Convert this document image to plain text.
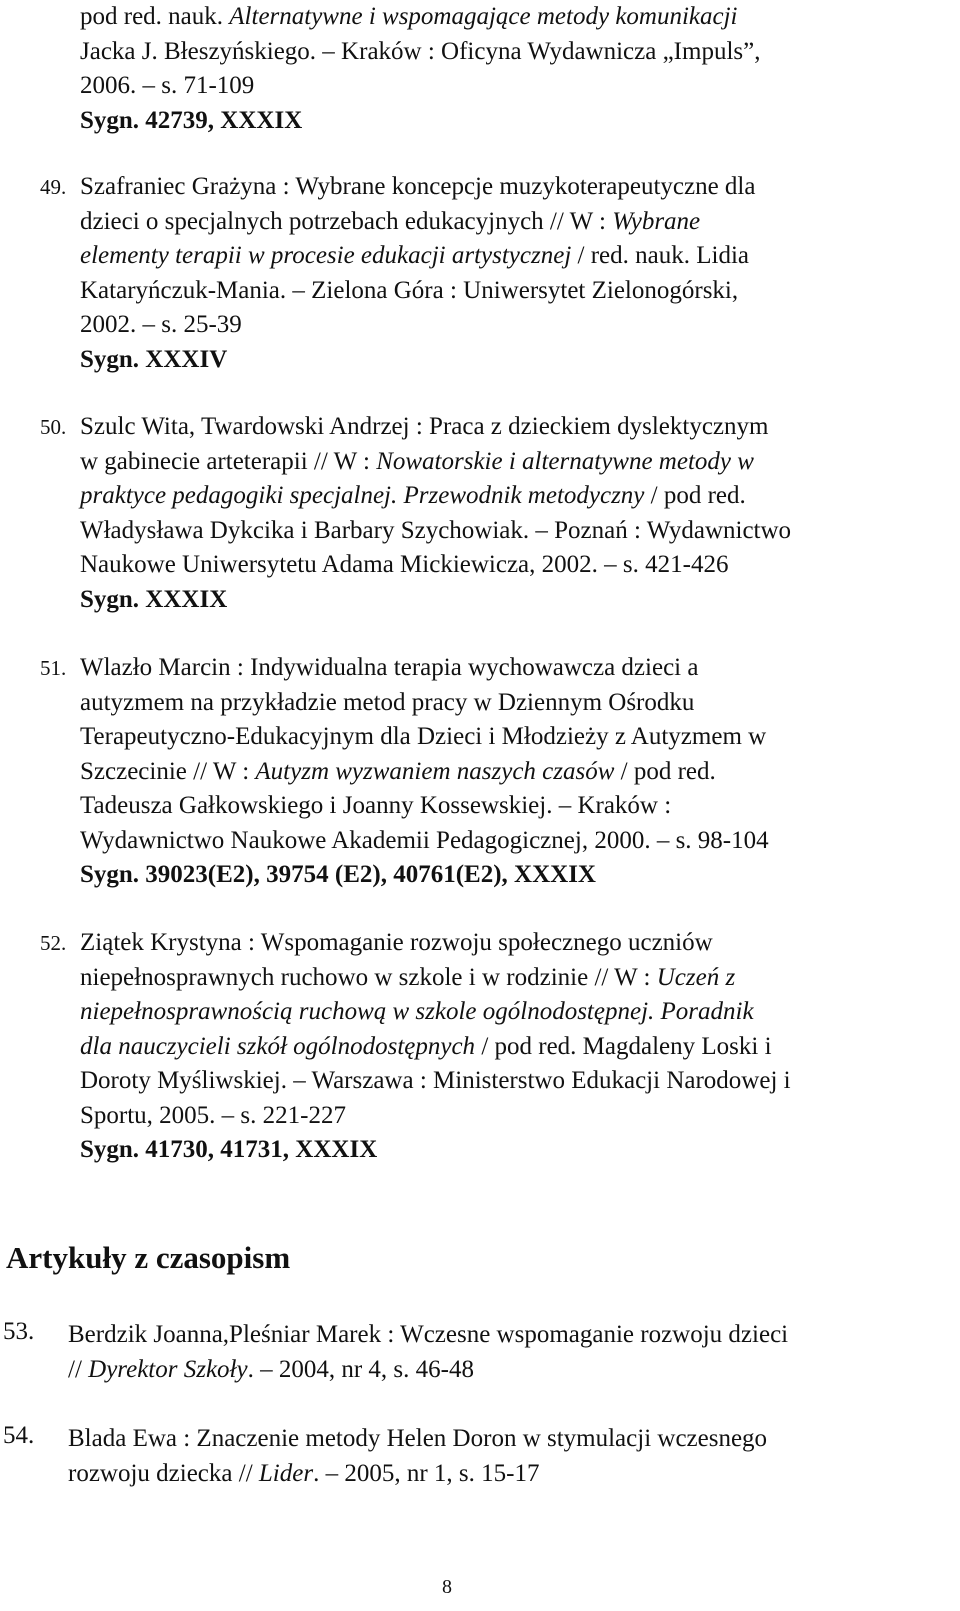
pod red. nauk. Alternatywne i wspomagające metody komunikacji
Jacka J. Błeszyńskiego. – Kraków : Oficyna Wydawnicza „Impuls”,
2006. – s. 71-109
Sygn. 42739, XXXIX
49. Szafraniec Grażyna : Wybrane koncepcje muzykoterapeutyczne dla
dzieci o specjalnych potrzebach edukacyjnych // W : Wybrane
elementy terapii w procesie edukacji artystycznej / red. nauk. Lidia
Kataryńczuk-Mania. – Zielona Góra : Uniwersytet Zielonogórski,
2002. – s. 25-39
Sygn. XXXIV
50. Szulc Wita, Twardowski Andrzej : Praca z dzieckiem dyslektycznym
w gabinecie arteterapii // W : Nowatorskie i alternatywne metody w
praktyce pedagogiki specjalnej. Przewodnik metodyczny / pod red.
Władysława Dykcika i Barbary Szychowiak. – Poznań : Wydawnictwo
Naukowe Uniwersytetu Adama Mickiewicza, 2002. – s. 421-426
Sygn. XXXIX
51. Wlazło Marcin : Indywidualna terapia wychowawcza dzieci a
autyzmem na przykładzie metod pracy w Dziennym Ośrodku
Terapeutyczno-Edukacyjnym dla Dzieci i Młodzieży z Autyzmem w
Szczecinie // W : Autyzm wyzwaniem naszych czasów / pod red.
Tadeusza Gałkowskiego i Joanny Kossewskiej. – Kraków :
Wydawnictwo Naukowe Akademii Pedagogicznej, 2000. – s. 98-104
Sygn. 39023(E2), 39754 (E2), 40761(E2), XXXIX
52. Ziątek Krystyna : Wspomaganie rozwoju społecznego uczniów
niepełnosprawnych ruchowo w szkole i w rodzinie // W : Uczeń z
niepełnosprawnością ruchową w szkole ogólnodostępnej. Poradnik
dla nauczycieli szkół ogólnodostępnych / pod red. Magdaleny Loski i
Doroty Myśliwskiej. – Warszawa : Ministerstwo Edukacji Narodowej i
Sportu, 2005. – s. 221-227
Sygn. 41730, 41731, XXXIX
Artykuły z czasopism
53. Berdzik Joanna,Pleśniar Marek : Wczesne wspomaganie rozwoju dzieci
// Dyrektor Szkoły. – 2004, nr 4, s. 46-48
54. Blada Ewa : Znaczenie metody Helen Doron w stymulacji wczesnego
rozwoju dziecka // Lider. – 2005, nr 1, s. 15-17
8
